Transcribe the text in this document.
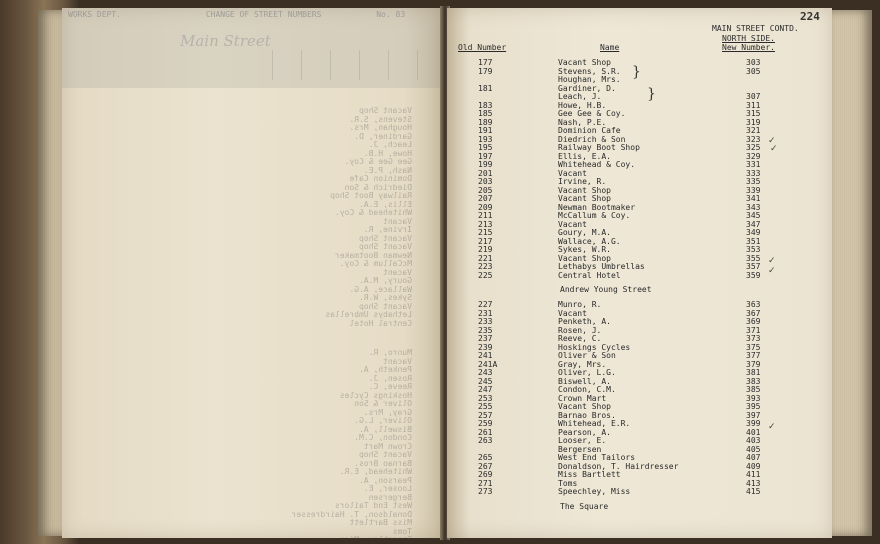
WORKS DEPT.	CHANGE OF STREET NUMBERS	No. 83
Main Street
Vacant Shop
Stevens, S.R.
Houghan, Mrs.
Gardiner, D.
Leach, J.
Howe, H.B.
Gee Gee & Coy.
Nash, P.E.
Dominion Cafe
Diedrich & Son
Railway Boot Shop
Ellis, E.A.
Whitehead & Coy.
Vacant
Irvine, R.
Vacant Shop
Vacant Shop
Newman Bootmaker
McCallum & Coy.
Vacant
Goury, M.A.
Wallace, A.G.
Sykes, W.R.
Vacant Shop
Lethabys Umbrellas
Central Hotel
Munro, R.
Vacant
Penketh, A.
Rosen, J.
Reeve, C.
Hoskings Cycles
Oliver & Son
Gray, Mrs.
Oliver, L.G.
Biswell, A.
Condon, C.M.
Crown Mart
Vacant Shop
Barnao Bros.
Whitehead, E.R.
Pearson, A.
Looser, E.
Bergersen
West End Tailors
Donaldson, T. Hairdresser
Miss Bartlett
Toms
Speechley, Miss
224
MAIN STREET CONTD.
NORTH SIDE.
New Number.
Old Number	Name
177	Vacant Shop	303
179	Stevens, S.R.	305
Houghan, Mrs.
181	Gardiner, D.
Leach, J.	307
183	Howe, H.B.	311
185	Gee Gee & Coy.	315
189	Nash, P.E.	319
191	Dominion Cafe	321
193	Diedrich & Son	323
195	Railway Boot Shop	325
197	Ellis, E.A.	329
199	Whitehead & Coy.	331
201	Vacant	333
203	Irvine, R.	335
205	Vacant Shop	339
207	Vacant Shop	341
209	Newman Bootmaker	343
211	McCallum & Coy.	345
213	Vacant	347
215	Goury, M.A.	349
217	Wallace, A.G.	351
219	Sykes, W.R.	353
221	Vacant Shop	355
223	Lethabys Umbrellas	357
225	Central Hotel	359
Andrew Young Street
227	Munro, R.	363
231	Vacant	367
233	Penketh, A.	369
235	Rosen, J.	371
237	Reeve, C.	373
239	Hoskings Cycles	375
241	Oliver & Son	377
241A	Gray, Mrs.	379
243	Oliver, L.G.	381
245	Biswell, A.	383
247	Condon, C.M.	385
253	Crown Mart	393
255	Vacant Shop	395
257	Barnao Bros.	397
259	Whitehead, E.R.	399
261	Pearson, A.	401
263	Looser, E.	403
Bergersen	405
265	West End Tailors	407
267	Donaldson, T. Hairdresser	409
269	Miss Bartlett	411
271	Toms	413
273	Speechley, Miss	415
The Square
}
}
✓
✓
✓
✓
✓
